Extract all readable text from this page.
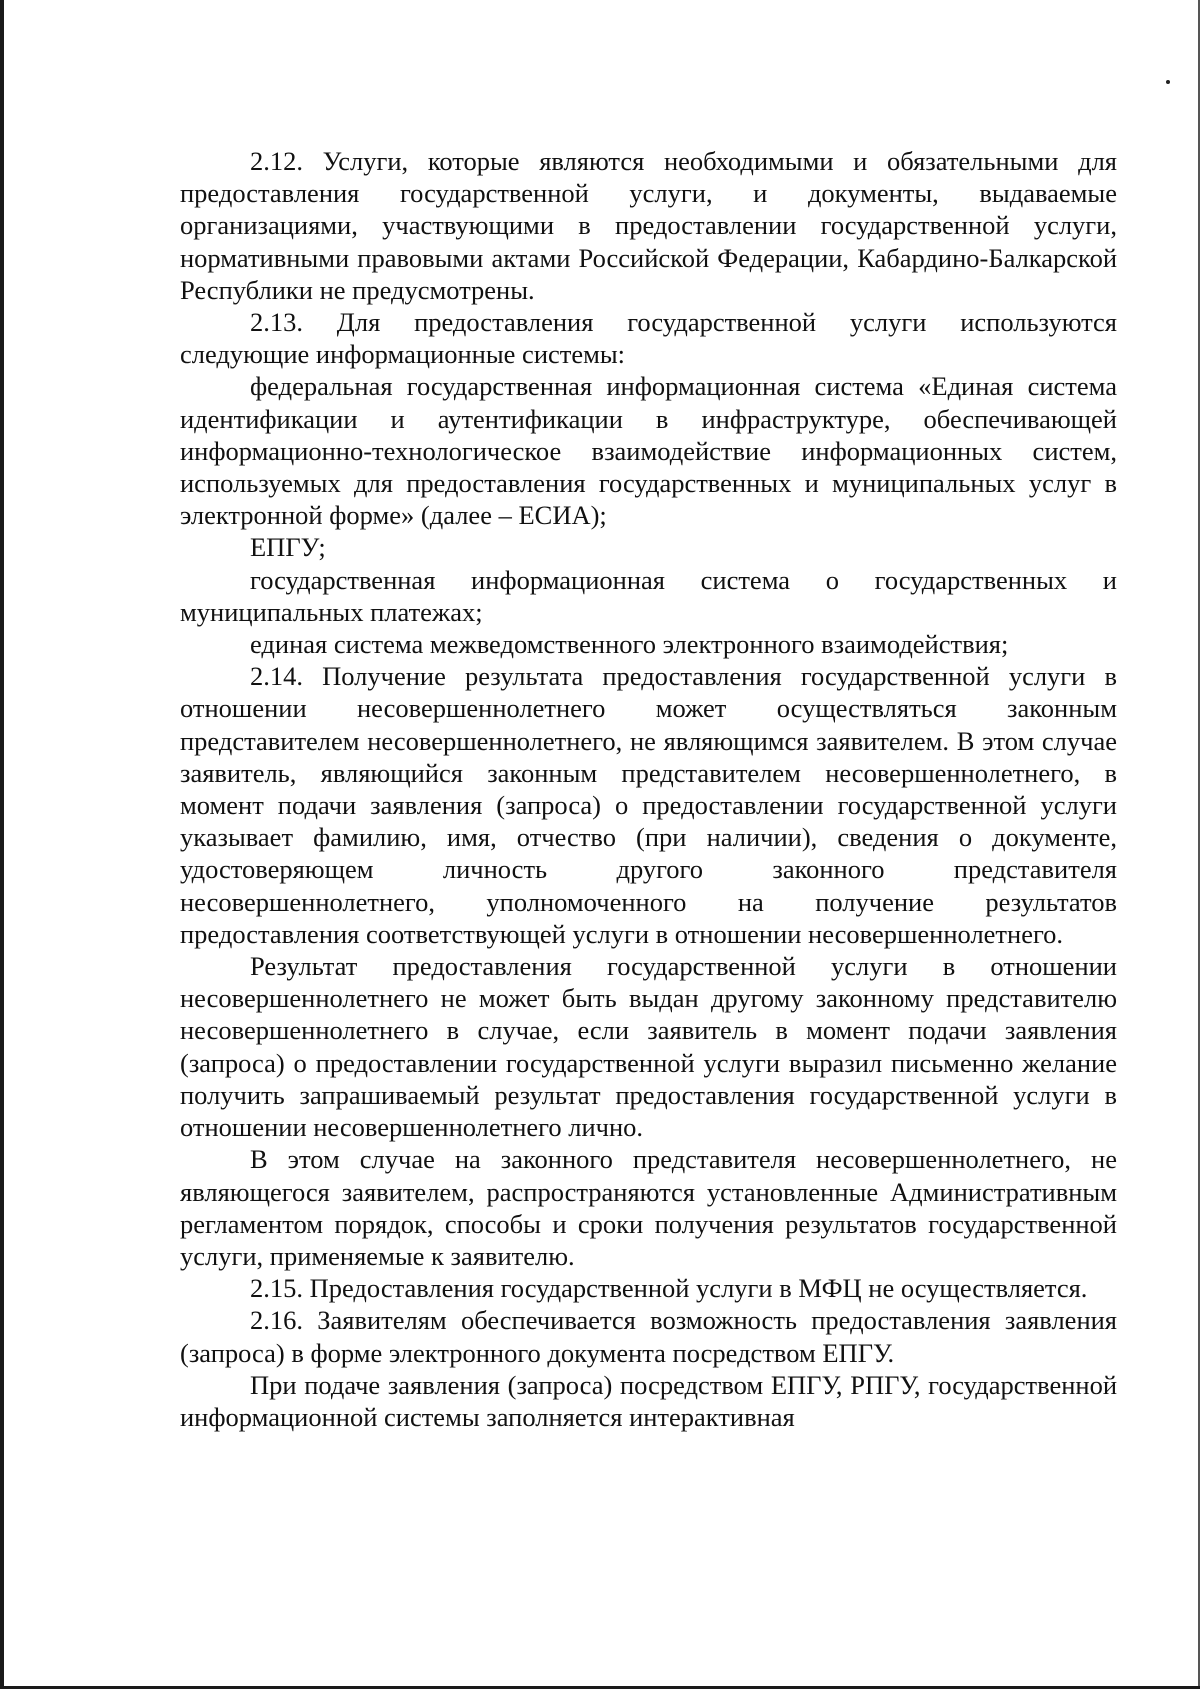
2.12. Услуги, которые являются необходимыми и обязательными для предоставления государственной услуги, и документы, выдаваемые организациями, участвующими в предоставлении государственной услуги, нормативными правовыми актами Российской Федерации, Кабардино-Балкарской Республики не предусмотрены.

2.13. Для предоставления государственной услуги используются следующие информационные системы:

федеральная государственная информационная система «Единая система идентификации и аутентификации в инфраструктуре, обеспечивающей информационно-технологическое взаимодействие информационных систем, используемых для предоставления государственных и муниципальных услуг в электронной форме» (далее – ЕСИА);

ЕПГУ;

государственная информационная система о государственных и муниципальных платежах;

единая система межведомственного электронного взаимодействия;

2.14. Получение результата предоставления государственной услуги в отношении несовершеннолетнего может осуществляться законным представителем несовершеннолетнего, не являющимся заявителем. В этом случае заявитель, являющийся законным представителем несовершеннолетнего, в момент подачи заявления (запроса) о предоставлении государственной услуги указывает фамилию, имя, отчество (при наличии), сведения о документе, удостоверяющем личность другого законного представителя несовершеннолетнего, уполномоченного на получение результатов предоставления соответствующей услуги в отношении несовершеннолетнего.

Результат предоставления государственной услуги в отношении несовершеннолетнего не может быть выдан другому законному представителю несовершеннолетнего в случае, если заявитель в момент подачи заявления (запроса) о предоставлении государственной услуги выразил письменно желание получить запрашиваемый результат предоставления государственной услуги в отношении несовершеннолетнего лично.

В этом случае на законного представителя несовершеннолетнего, не являющегося заявителем, распространяются установленные Административным регламентом порядок, способы и сроки получения результатов государственной услуги, применяемые к заявителю.

2.15. Предоставления государственной услуги в МФЦ не осуществляется.

2.16. Заявителям обеспечивается возможность предоставления заявления (запроса) в форме электронного документа посредством ЕПГУ.

При подаче заявления (запроса) посредством ЕПГУ, РПГУ, государственной информационной системы заполняется интерактивная
